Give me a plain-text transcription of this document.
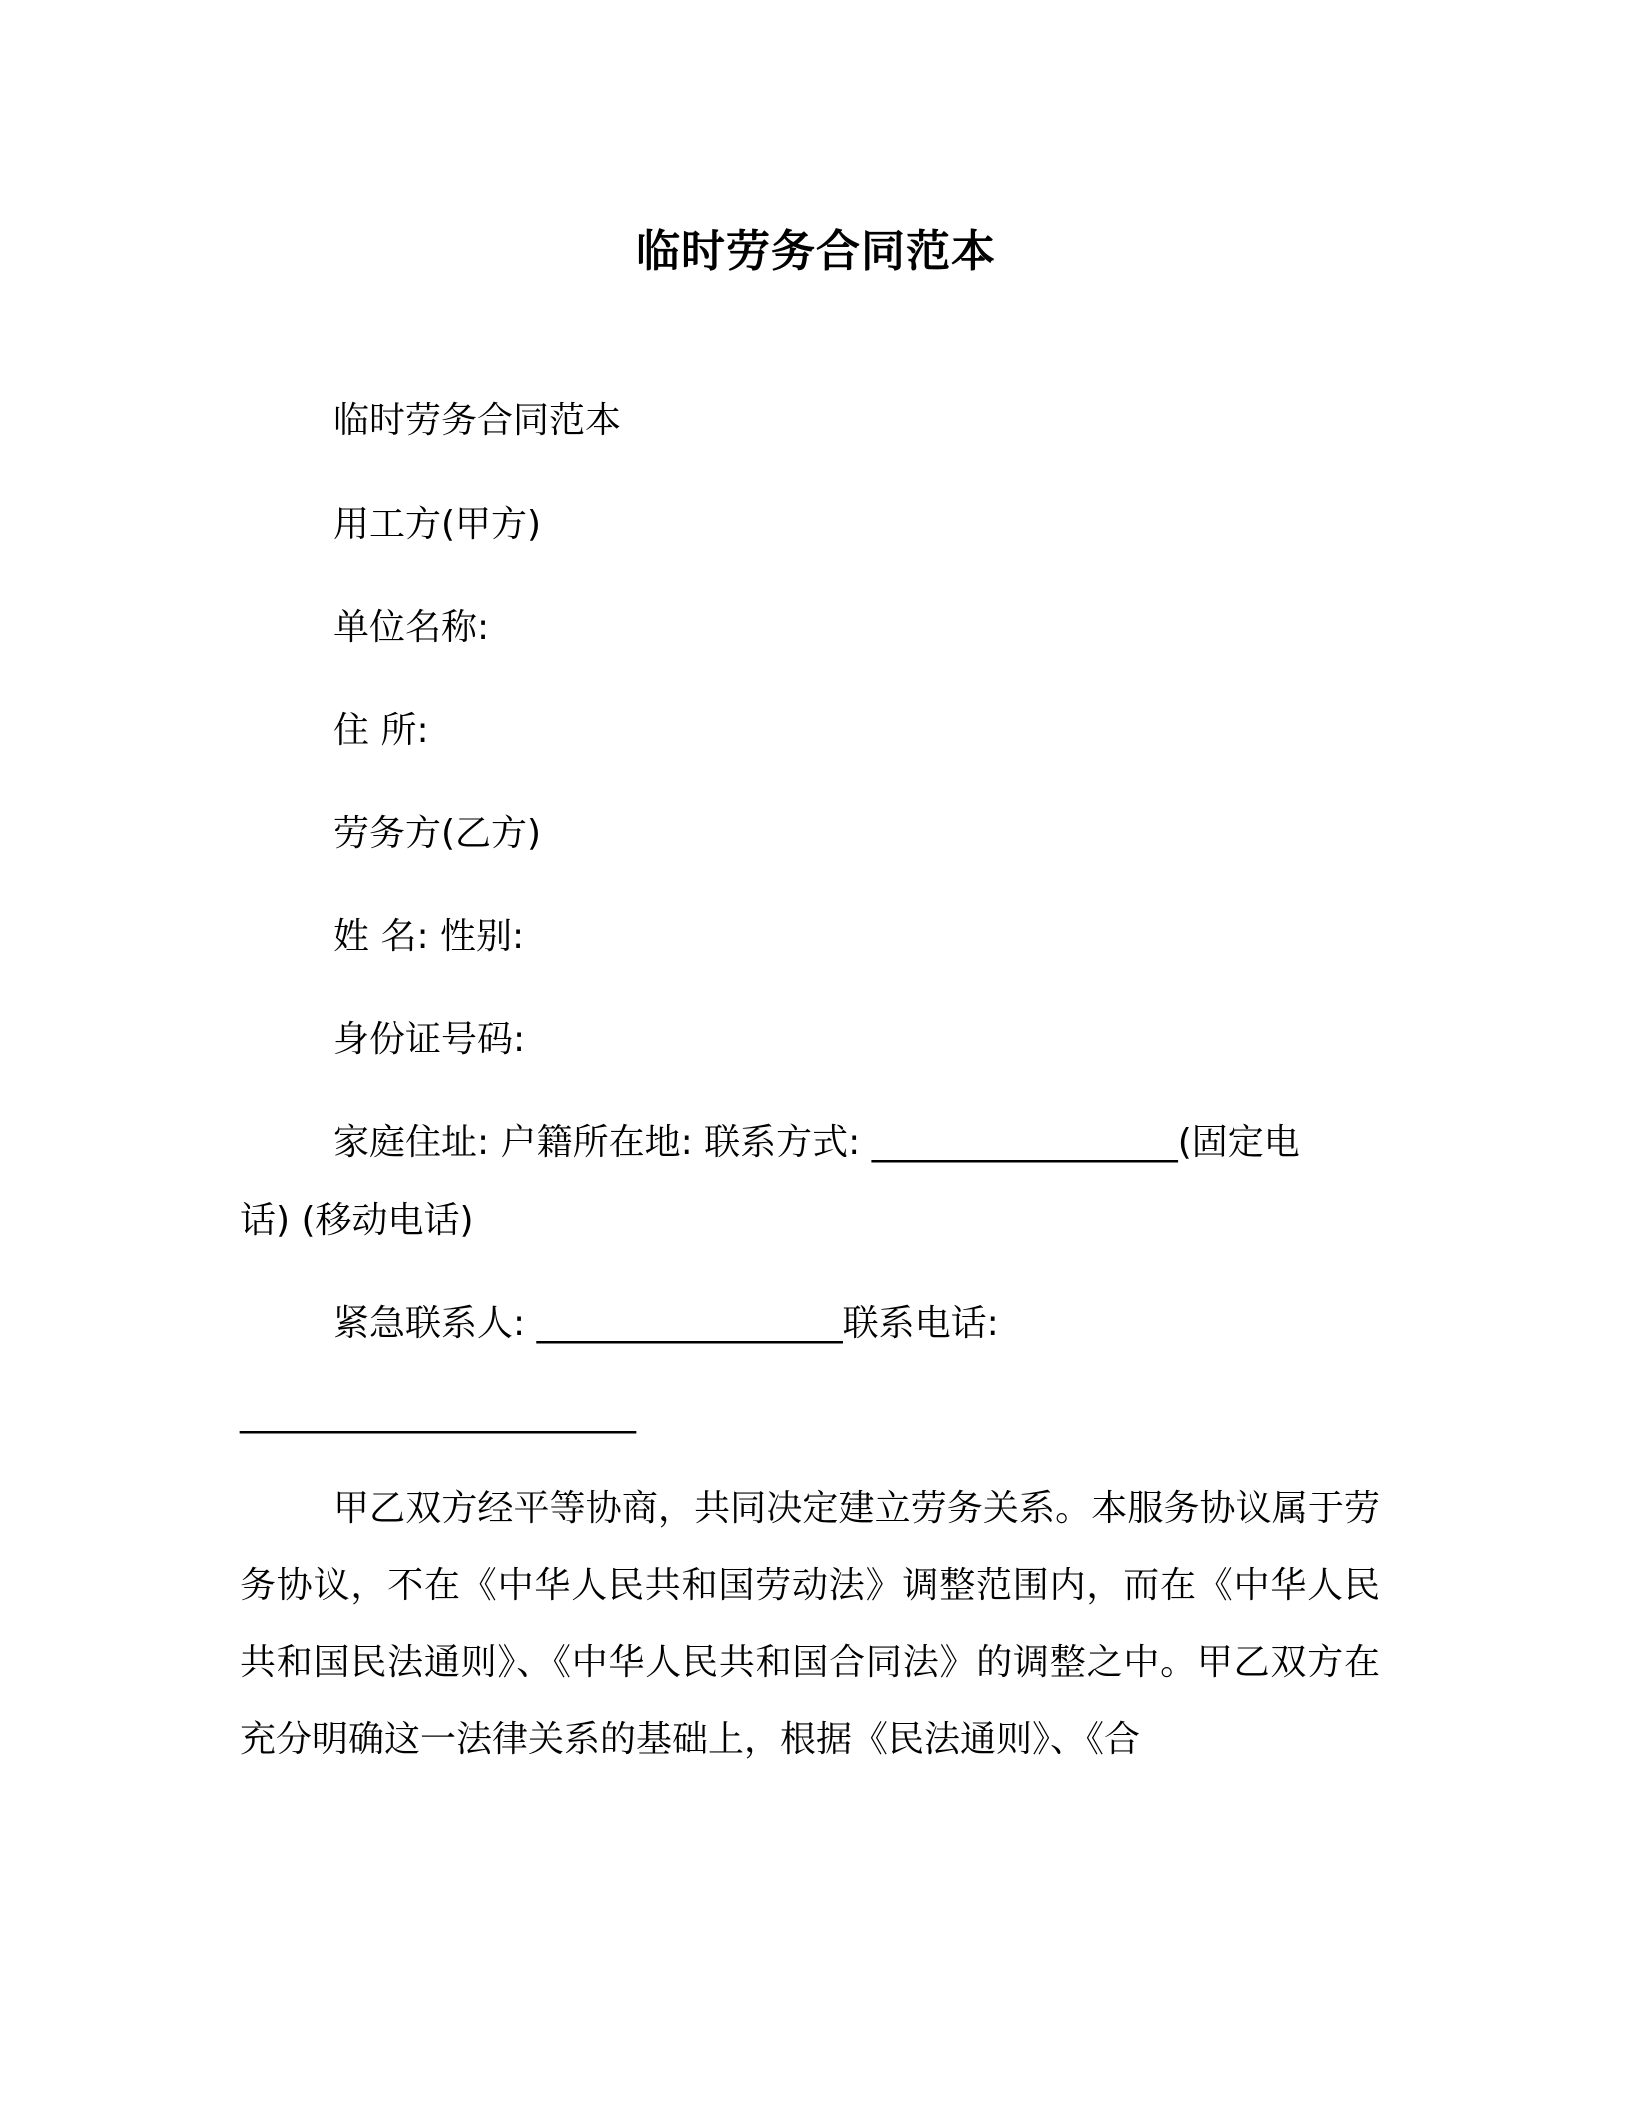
临时劳务合同范本
临时劳务合同范本
用工方(甲方)
单位名称:
住 所:
劳务方(乙方)
姓 名: 性别:
身份证号码:
家庭住址: 户籍所在地: 联系方式: _________________(固定电
话) (移动电话)
紧急联系人: _________________联系电话:
______________________

甲乙双方经平等协商，共同决定建立劳务关系。本服务协议属于劳务协议，不在《中华人民共和国劳动法》调整范围内，而在《中华人民共和国民法通则》、《中华人民共和国合同法》的调整之中。甲乙双方在充分明确这一法律关系的基础上，根据《民法通则》、《合
